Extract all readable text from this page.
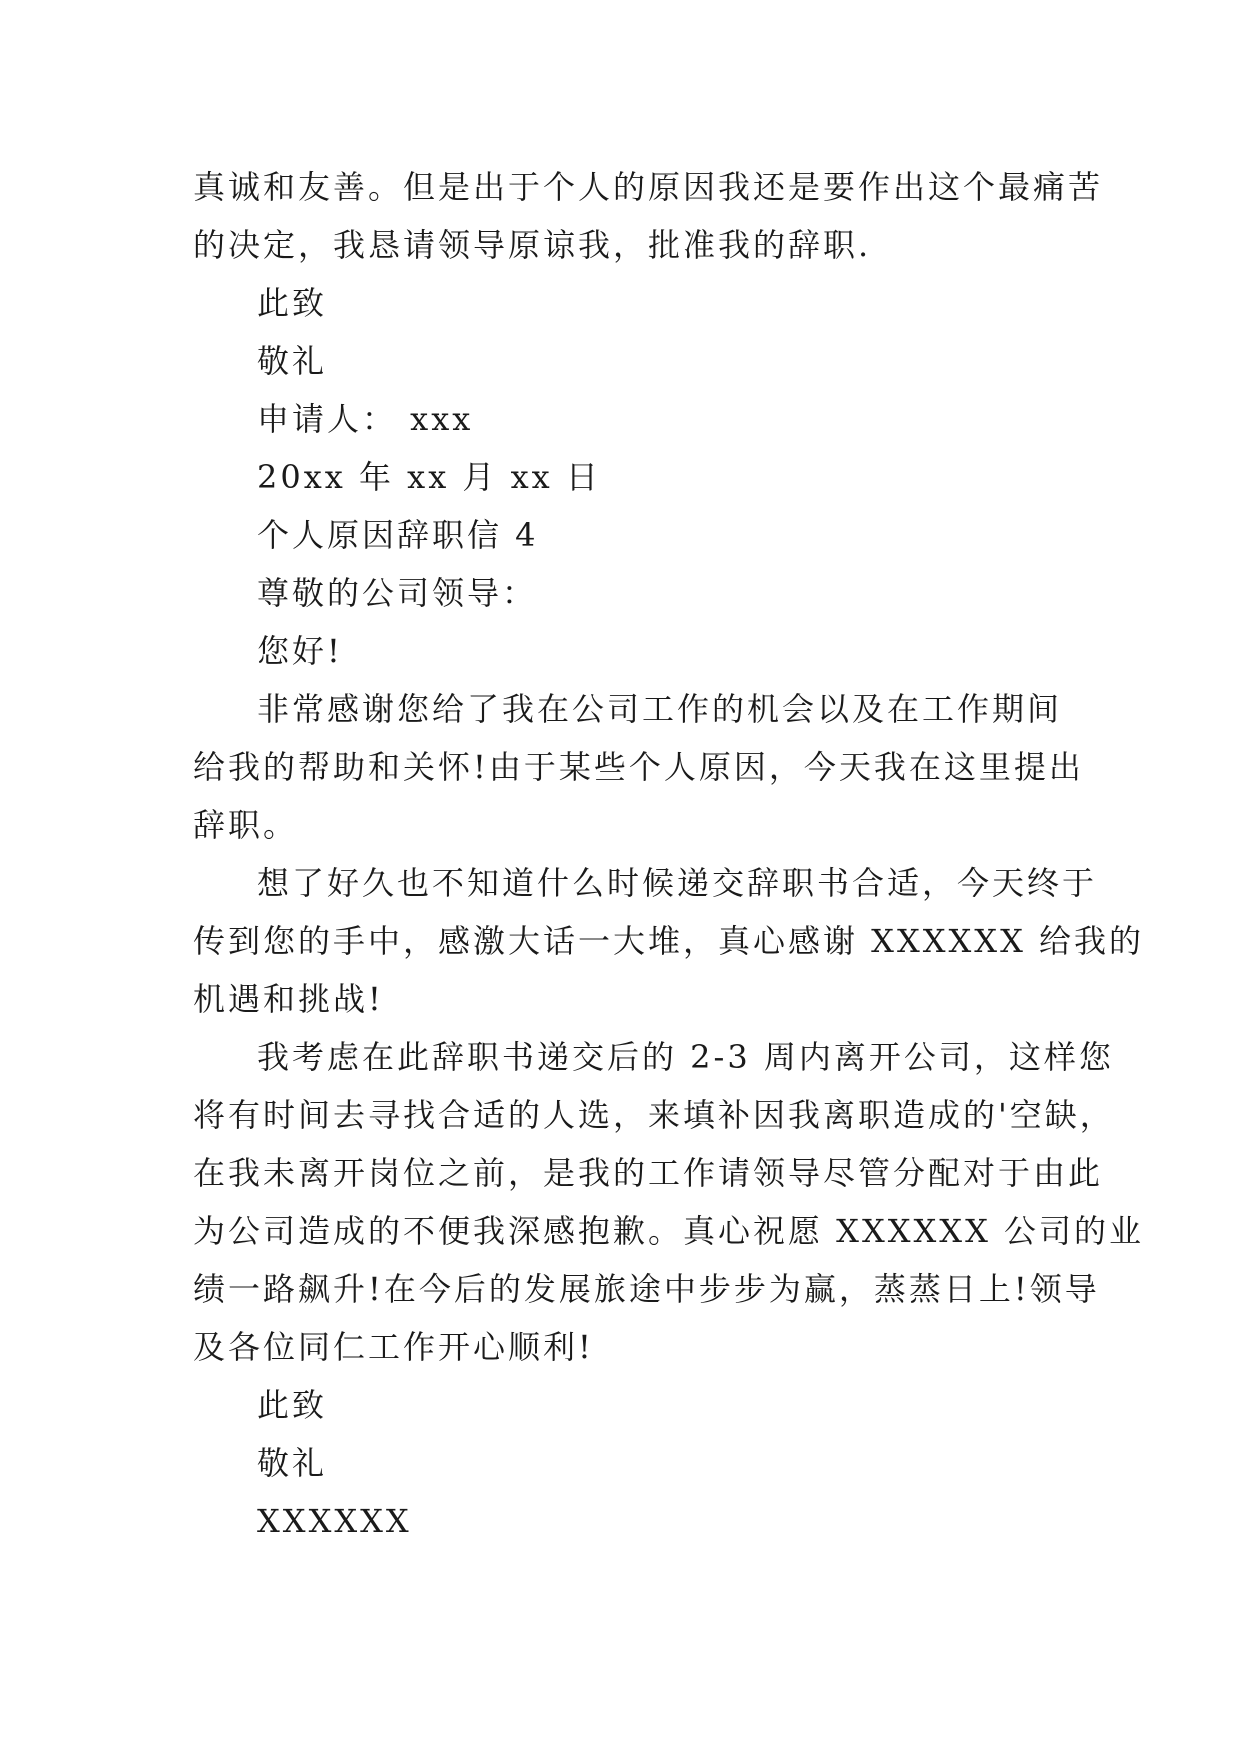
真诚和友善。但是出于个人的原因我还是要作出这个最痛苦
的决定，我恳请领导原谅我，批准我的辞职.
此致
敬礼
申请人： xxx
20xx 年 xx 月 xx 日
个人原因辞职信 4
尊敬的公司领导：
您好!
非常感谢您给了我在公司工作的机会以及在工作期间
给我的帮助和关怀!由于某些个人原因，今天我在这里提出
辞职。
想了好久也不知道什么时候递交辞职书合适，今天终于
传到您的手中，感激大话一大堆，真心感谢 XXXXXX 给我的
机遇和挑战!
我考虑在此辞职书递交后的 2-3 周内离开公司，这样您
将有时间去寻找合适的人选，来填补因我离职造成的'空缺，
在我未离开岗位之前，是我的工作请领导尽管分配对于由此
为公司造成的不便我深感抱歉。真心祝愿 XXXXXX 公司的业
绩一路飙升!在今后的发展旅途中步步为赢，蒸蒸日上!领导
及各位同仁工作开心顺利!
此致
敬礼
XXXXXX
